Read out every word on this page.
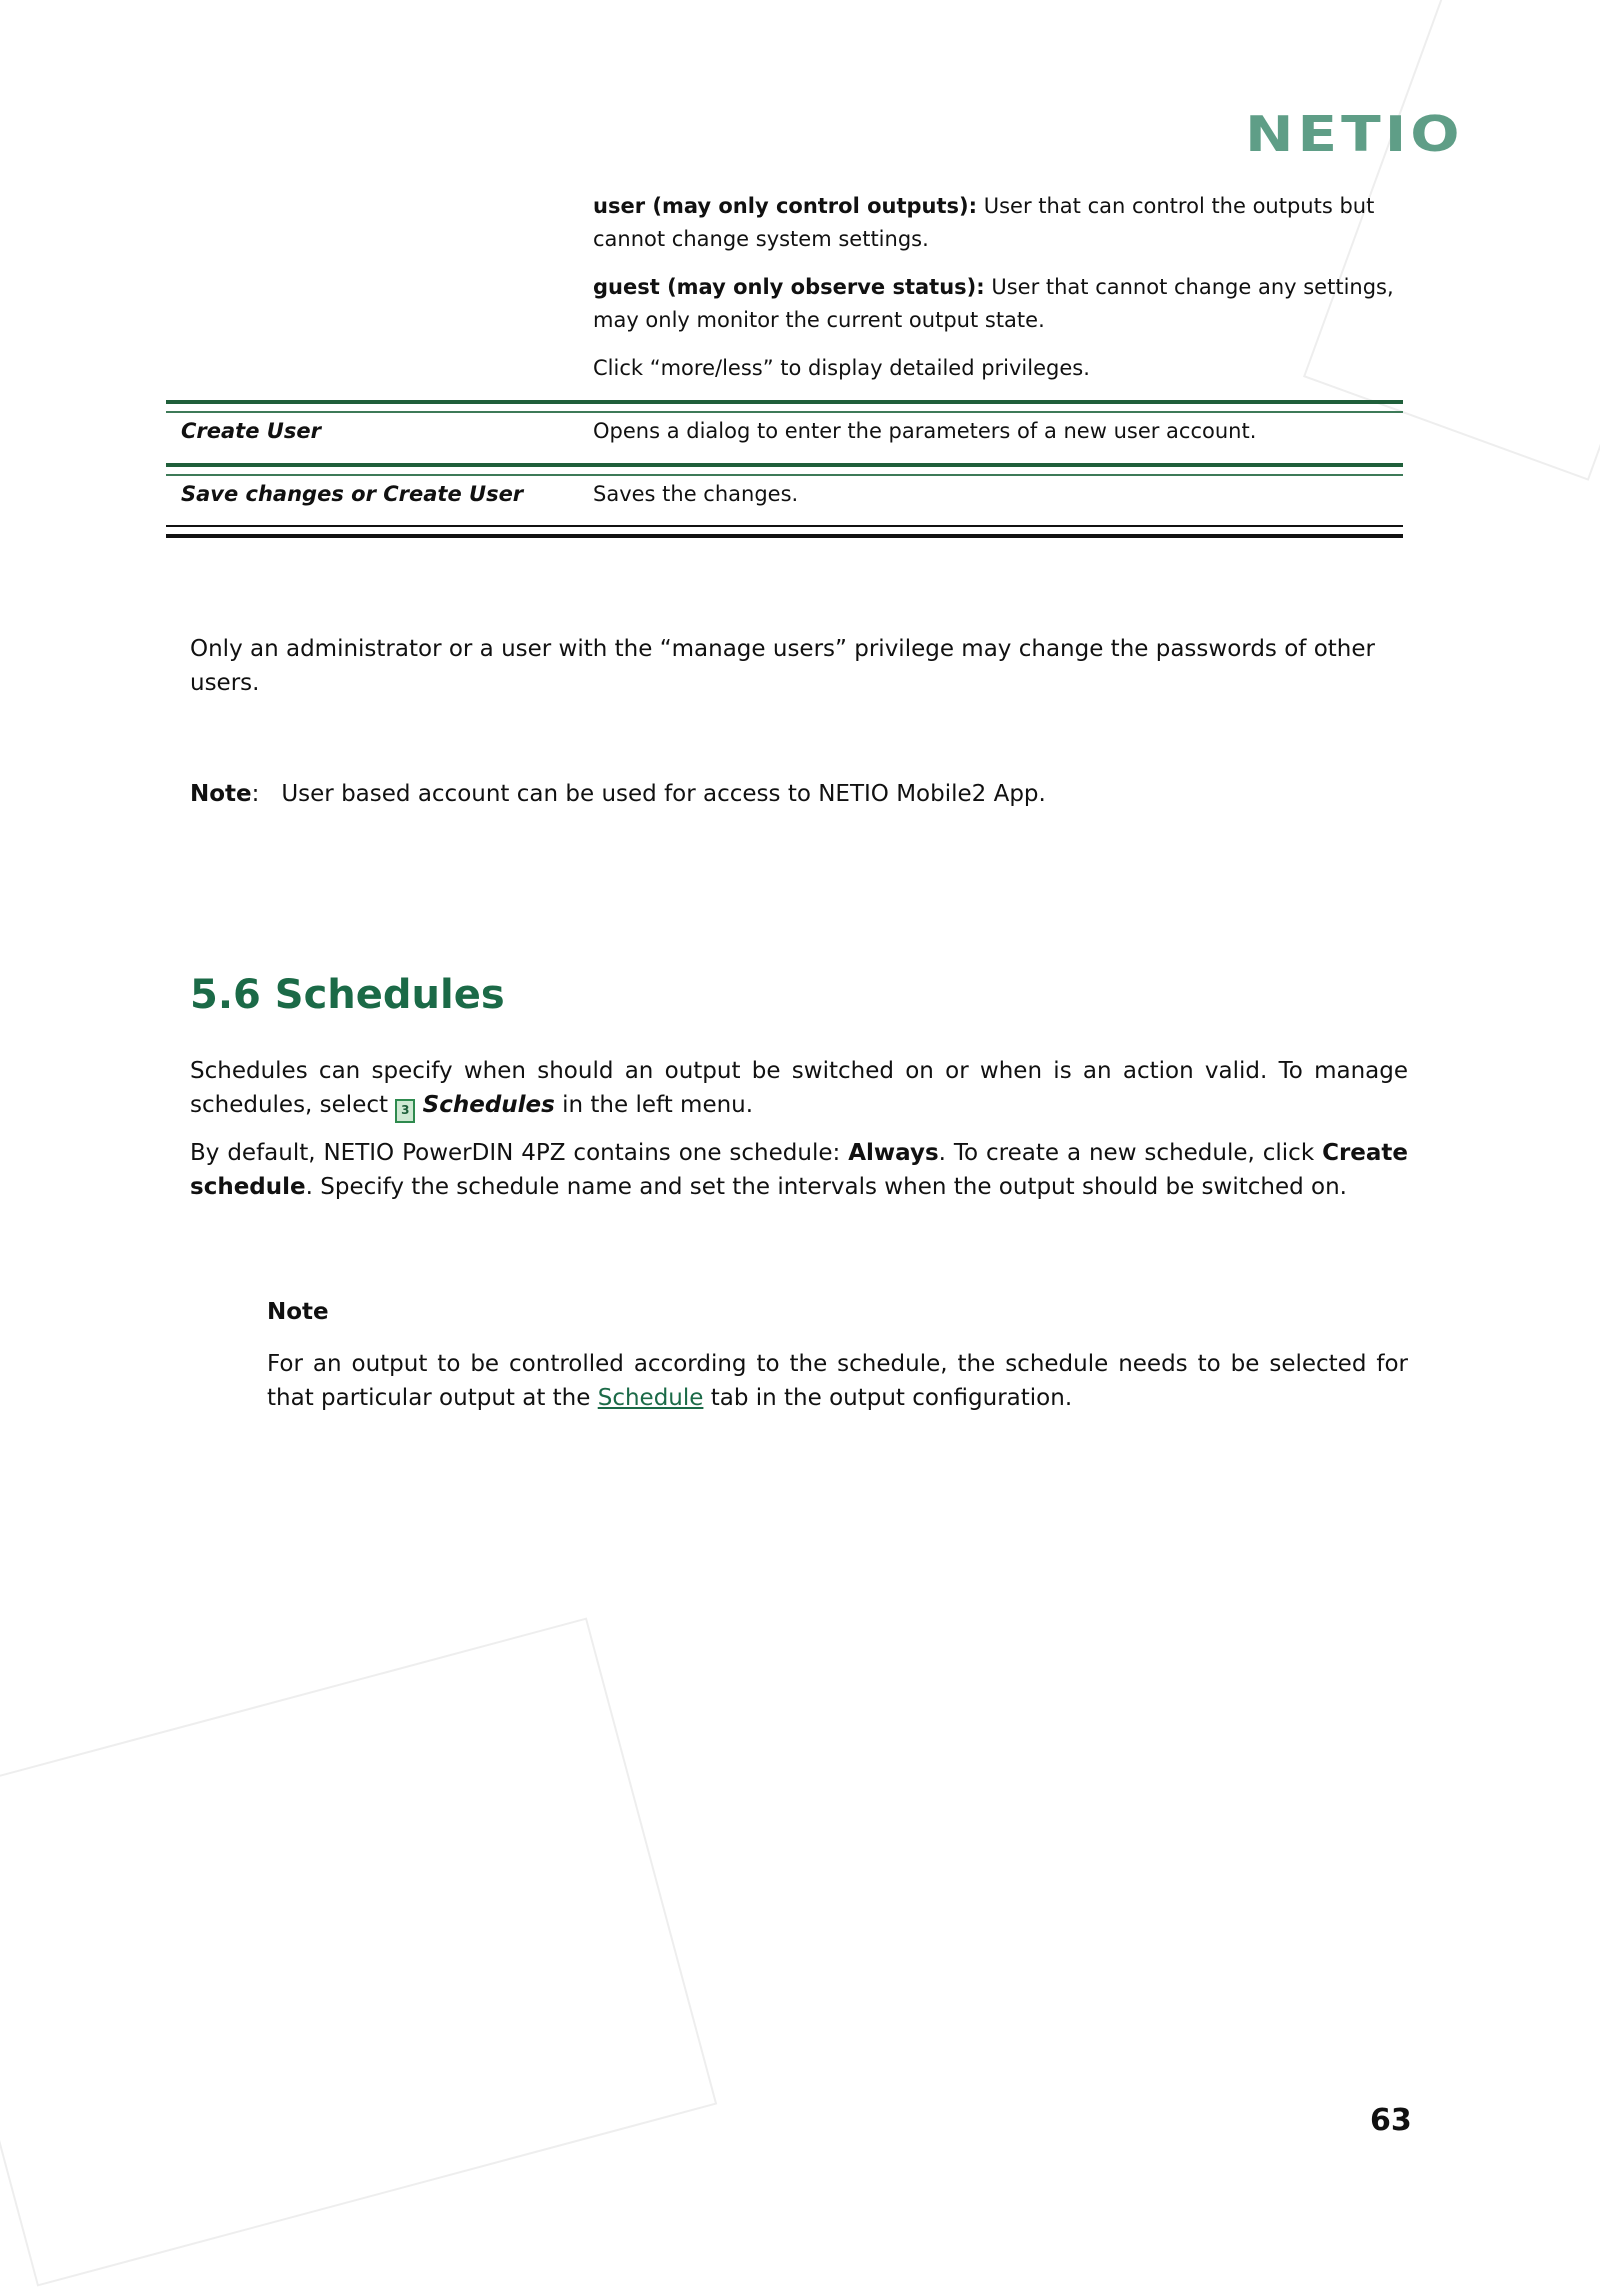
NETIO
user (may only control outputs): User that can control the outputs but cannot change system settings.
guest (may only observe status): User that cannot change any settings, may only monitor the current output state.
Click “more/less” to display detailed privileges.
Create User	Opens a dialog to enter the parameters of a new user account.
Save changes or Create User	Saves the changes.
Only an administrator or a user with the “manage users” privilege may change the passwords of other users.
Note:   User based account can be used for access to NETIO Mobile2 App.
5.6 Schedules
Schedules can specify when should an output be switched on or when is an action valid. To manage schedules, select 3 Schedules in the left menu.
By default, NETIO PowerDIN 4PZ contains one schedule: Always. To create a new schedule, click Create schedule. Specify the schedule name and set the intervals when the output should be switched on.
Note
For an output to be controlled according to the schedule, the schedule needs to be selected for that particular output at the Schedule tab in the output configuration.
63
